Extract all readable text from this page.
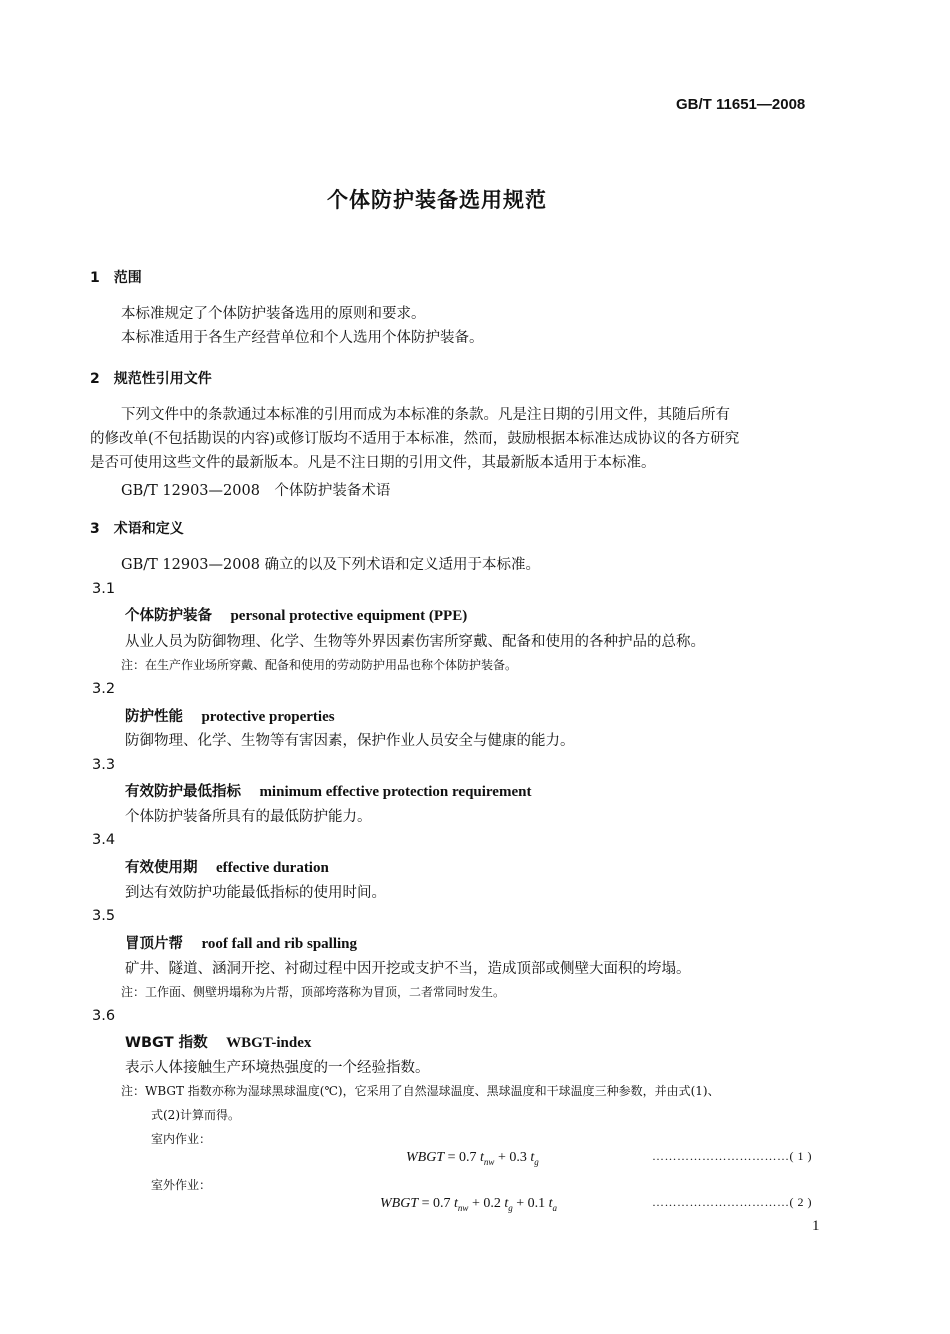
GB/T 11651—2008
个体防护装备选用规范
1　范围
本标准规定了个体防护装备选用的原则和要求。
本标准适用于各生产经营单位和个人选用个体防护装备。
2　规范性引用文件
下列文件中的条款通过本标准的引用而成为本标准的条款。凡是注日期的引用文件，其随后所有
的修改单(不包括勘误的内容)或修订版均不适用于本标准，然而，鼓励根据本标准达成协议的各方研究
是否可使用这些文件的最新版本。凡是不注日期的引用文件，其最新版本适用于本标准。
GB/T 12903—2008　个体防护装备术语
3　术语和定义
GB/T 12903—2008 确立的以及下列术语和定义适用于本标准。
3.1
个体防护装备 personal protective equipment (PPE)
从业人员为防御物理、化学、生物等外界因素伤害所穿戴、配备和使用的各种护品的总称。
注：在生产作业场所穿戴、配备和使用的劳动防护用品也称个体防护装备。
3.2
防护性能 protective properties
防御物理、化学、生物等有害因素，保护作业人员安全与健康的能力。
3.3
有效防护最低指标 minimum effective protection requirement
个体防护装备所具有的最低防护能力。
3.4
有效使用期 effective duration
到达有效防护功能最低指标的使用时间。
3.5
冒顶片帮 roof fall and rib spalling
矿井、隧道、涵洞开挖、衬砌过程中因开挖或支护不当，造成顶部或侧壁大面积的垮塌。
注：工作面、侧壁坍塌称为片帮，顶部垮落称为冒顶，二者常同时发生。
3.6
WBGT 指数 WBGT-index
表示人体接触生产环境热强度的一个经验指数。
注：WBGT 指数亦称为湿球黑球温度(℃)，它采用了自然湿球温度、黑球温度和干球温度三种参数，并由式(1)、
式(2)计算而得。
室内作业：
WBGT = 0.7 $t_{nw} + 0.3$ $t_g$	……………………………( 1 )
室外作业：
WBGT = 0.7 $t_{nw} + 0.2$ $t_g + 0.1$ $t_a$	……………………………( 2 )
1
